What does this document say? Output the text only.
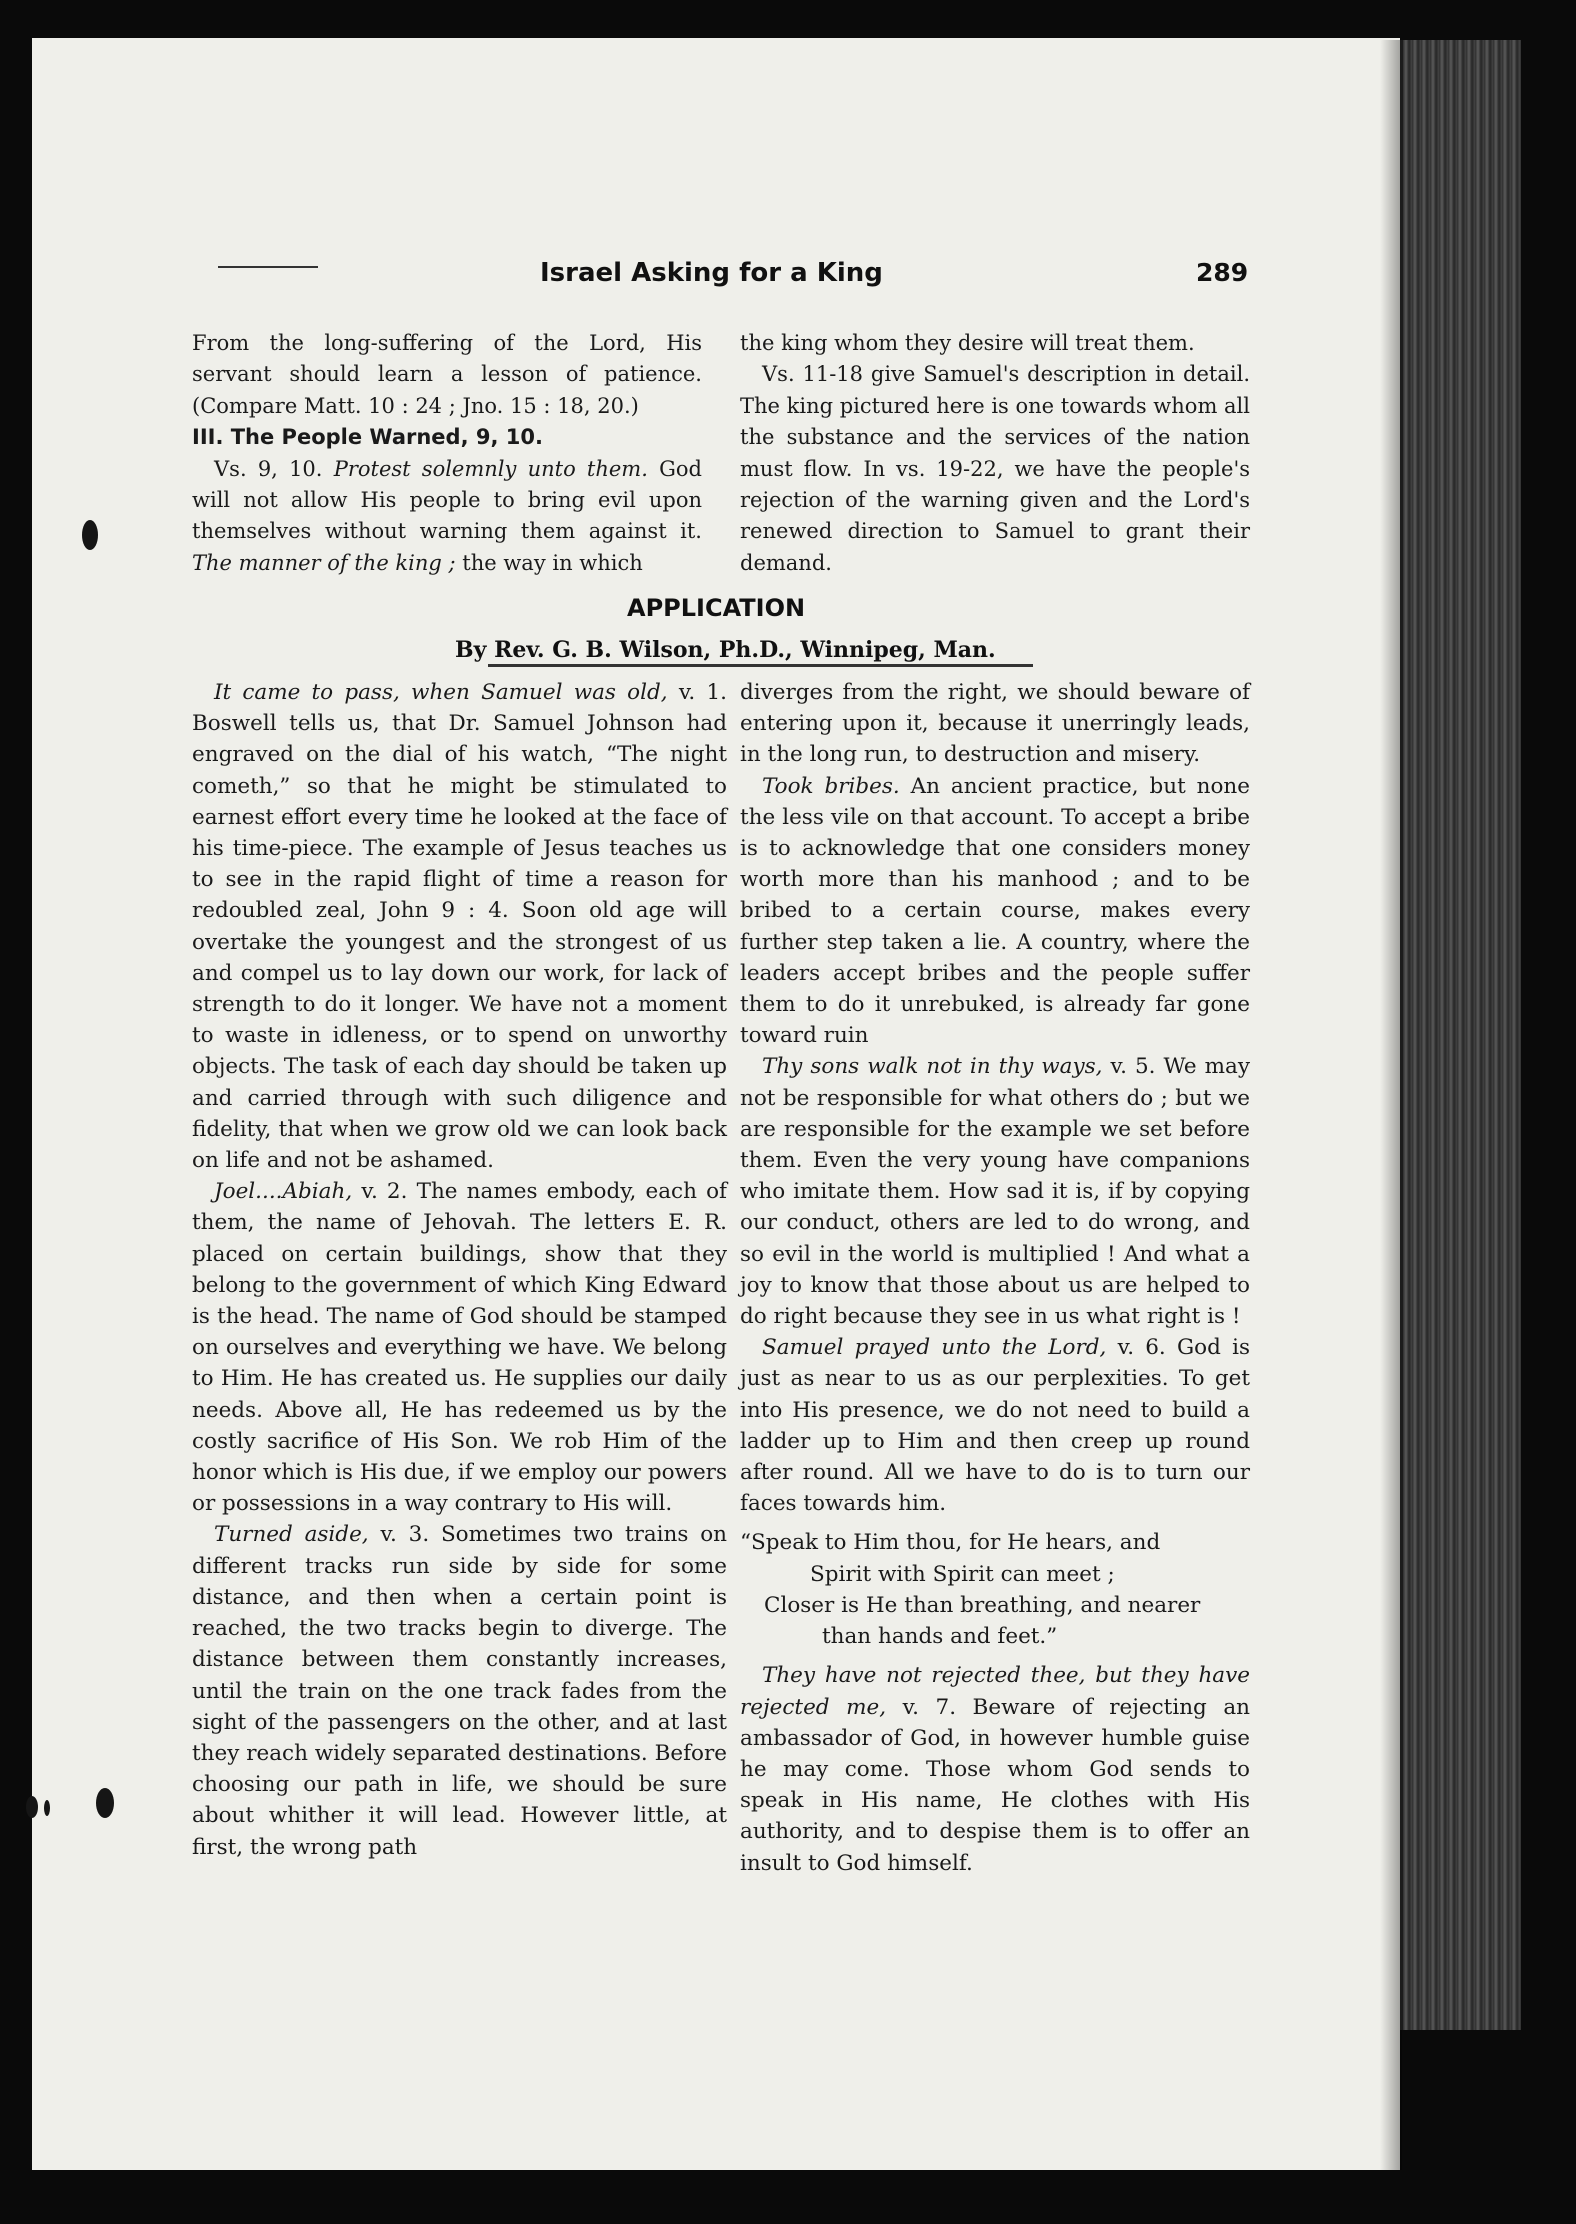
Israel Asking for a King	289

From the long-suffering of the Lord, His servant should learn a lesson of patience. (Compare Matt. 10 : 24 ; Jno. 15 : 18, 20.)

III. The People Warned, 9, 10.

Vs. 9, 10. Protest solemnly unto them. God will not allow His people to bring evil upon themselves without warning them against it. The manner of the king ; the way in which

the king whom they desire will treat them.

Vs. 11-18 give Samuel's description in detail. The king pictured here is one towards whom all the substance and the services of the nation must flow. In vs. 19-22, we have the people's rejection of the warning given and the Lord's renewed direction to Samuel to grant their demand.

APPLICATION
By Rev. G. B. Wilson, Ph.D., Winnipeg, Man.

It came to pass, when Samuel was old, v. 1. Boswell tells us, that Dr. Samuel Johnson had engraved on the dial of his watch, “The night cometh,” so that he might be stimulated to earnest effort every time he looked at the face of his time-piece. The example of Jesus teaches us to see in the rapid flight of time a reason for redoubled zeal, John 9 : 4. Soon old age will overtake the youngest and the strongest of us and compel us to lay down our work, for lack of strength to do it longer. We have not a moment to waste in idleness, or to spend on unworthy objects. The task of each day should be taken up and carried through with such diligence and fidelity, that when we grow old we can look back on life and not be ashamed.

Joel....Abiah, v. 2. The names embody, each of them, the name of Jehovah. The letters E. R. placed on certain buildings, show that they belong to the government of which King Edward is the head. The name of God should be stamped on ourselves and everything we have. We belong to Him. He has created us. He supplies our daily needs. Above all, He has redeemed us by the costly sacrifice of His Son. We rob Him of the honor which is His due, if we employ our powers or possessions in a way contrary to His will.

Turned aside, v. 3. Sometimes two trains on different tracks run side by side for some distance, and then when a certain point is reached, the two tracks begin to diverge. The distance between them constantly increases, until the train on the one track fades from the sight of the passengers on the other, and at last they reach widely separated destinations. Before choosing our path in life, we should be sure about whither it will lead. However little, at first, the wrong path

diverges from the right, we should beware of entering upon it, because it unerringly leads, in the long run, to destruction and misery.

Took bribes. An ancient practice, but none the less vile on that account. To accept a bribe is to acknowledge that one considers money worth more than his manhood ; and to be bribed to a certain course, makes every further step taken a lie. A country, where the leaders accept bribes and the people suffer them to do it unrebuked, is already far gone toward ruin

Thy sons walk not in thy ways, v. 5. We may not be responsible for what others do ; but we are responsible for the example we set before them. Even the very young have companions who imitate them. How sad it is, if by copying our conduct, others are led to do wrong, and so evil in the world is multiplied ! And what a joy to know that those about us are helped to do right because they see in us what right is !

Samuel prayed unto the Lord, v. 6. God is just as near to us as our perplexities. To get into His presence, we do not need to build a ladder up to Him and then creep up round after round. All we have to do is to turn our faces towards him.

“Speak to Him thou, for He hears, and
Spirit with Spirit can meet ;
Closer is He than breathing, and nearer
than hands and feet.”

They have not rejected thee, but they have rejected me, v. 7. Beware of rejecting an ambassador of God, in however humble guise he may come. Those whom God sends to speak in His name, He clothes with His authority, and to despise them is to offer an insult to God himself.
